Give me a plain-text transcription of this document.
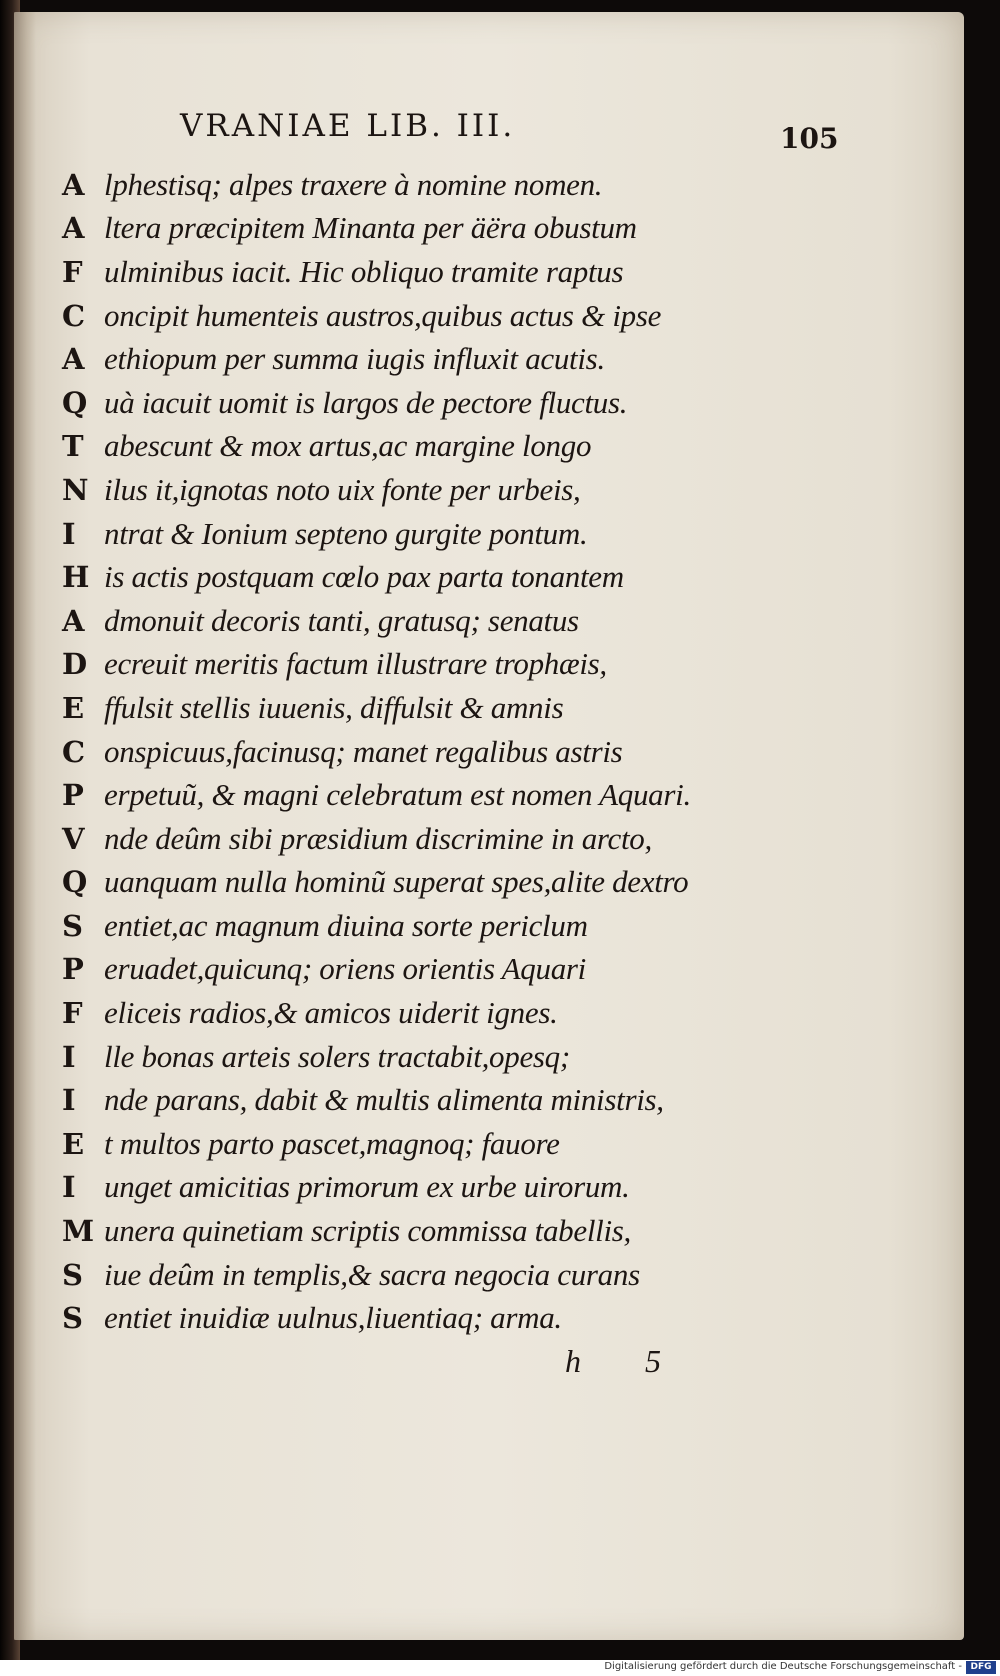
VRANIAE LIB. III.	105
A lphestisq; alpes traxere à nomine nomen.
A ltera præcipitem Minanta per äëra obustum
F ulminibus iacit. Hic obliquo tramite raptus
C oncipit humenteis austros,quibus actus & ipse
A ethiopum per summa iugis influxit acutis.
Q uà iacuit uomit is largos de pectore fluctus.
T abescunt & mox artus,ac margine longo
N ilus it,ignotas noto uix fonte per urbeis,
I ntrat & Ionium septeno gurgite pontum.
H is actis postquam cœlo pax parta tonantem
A dmonuit decoris tanti, gratusq; senatus
D ecreuit meritis factum illustrare trophæis,
E ffulsit stellis iuuenis, diffulsit & amnis
C onspicuus,facinusq; manet regalibus astris
P erpetuũ, & magni celebratum est nomen Aquari.
V nde deûm sibi præsidium discrimine in arcto,
Q uanquam nulla hominũ superat spes,alite dextro
S entiet,ac magnum diuina sorte periclum
P eruadet,quicunq; oriens orientis Aquari
F eliceis radios,& amicos uiderit ignes.
I lle bonas arteis solers tractabit,opesq;
I nde parans, dabit & multis alimenta ministris,
E t multos parto pascet,magnoq; fauore
I unget amicitias primorum ex urbe uirorum.
M unera quinetiam scriptis commissa tabellis,
S iue deûm in templis,& sacra negocia curans
S entiet inuidiæ uulnus,liuentiaq; arma.
h 5
Digitalisierung gefördert durch die Deutsche Forschungsgemeinschaft - DFG
